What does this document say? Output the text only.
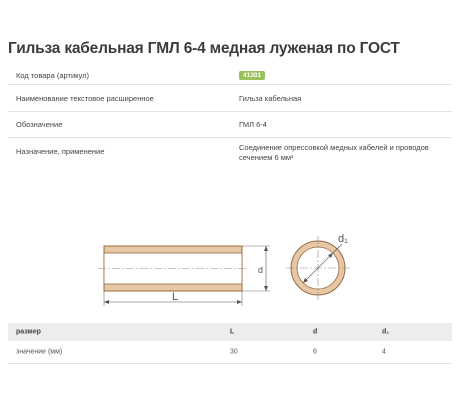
Гильза кабельная ГМЛ 6-4 медная луженая по ГОСТ
Код товара (артикул)	41301
Наименование текстовое расширенное	Гильза кабельная
Обозначение	ГМЛ 6-4
Назначение, применение	Соединение опрессовкой медных кабелей и проводов сечением 6 мм²
L
d
d₁
размер	L	d	d₁
значение (мм)	30	6	4
